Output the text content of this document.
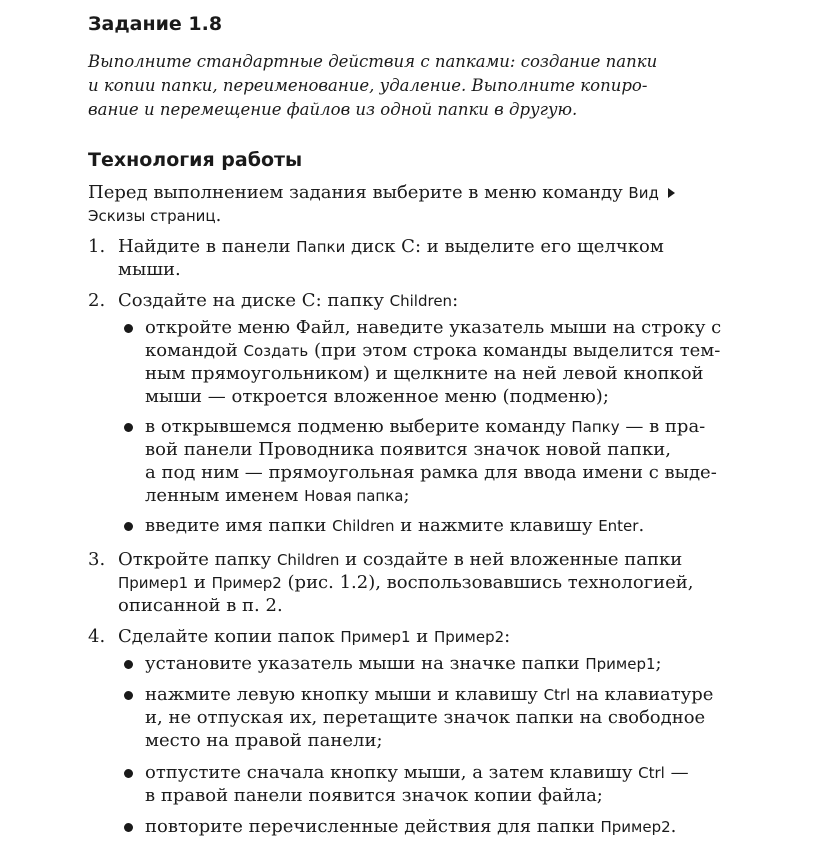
Задание 1.8
Выполните стандартные действия с папками: создание папки
и копии папки, переименование, удаление. Выполните копиро-
вание и перемещение файлов из одной папки в другую.
Технология работы
Перед выполнением задания выберите в меню команду Вид
Эскизы страниц.
1. Найдите в панели Папки диск С: и выделите его щелчком
мыши.
2. Создайте на диске С: папку Children:
откройте меню Файл, наведите указатель мыши на строку с
командой Создать (при этом строка команды выделится тем-
ным прямоугольником) и щелкните на ней левой кнопкой
мыши — откроется вложенное меню (подменю);
в открывшемся подменю выберите команду Папку — в пра-
вой панели Проводника появится значок новой папки,
а под ним — прямоугольная рамка для ввода имени с выде-
ленным именем Новая папка;
введите имя папки Children и нажмите клавишу Enter.
3. Откройте папку Children и создайте в ней вложенные папки
Пример1 и Пример2 (рис. 1.2), воспользовавшись технологией,
описанной в п. 2.
4. Сделайте копии папок Пример1 и Пример2:
установите указатель мыши на значке папки Пример1;
нажмите левую кнопку мыши и клавишу Ctrl на клавиатуре
и, не отпуская их, перетащите значок папки на свободное
место на правой панели;
отпустите сначала кнопку мыши, а затем клавишу Ctrl —
в правой панели появится значок копии файла;
повторите перечисленные действия для папки Пример2.
